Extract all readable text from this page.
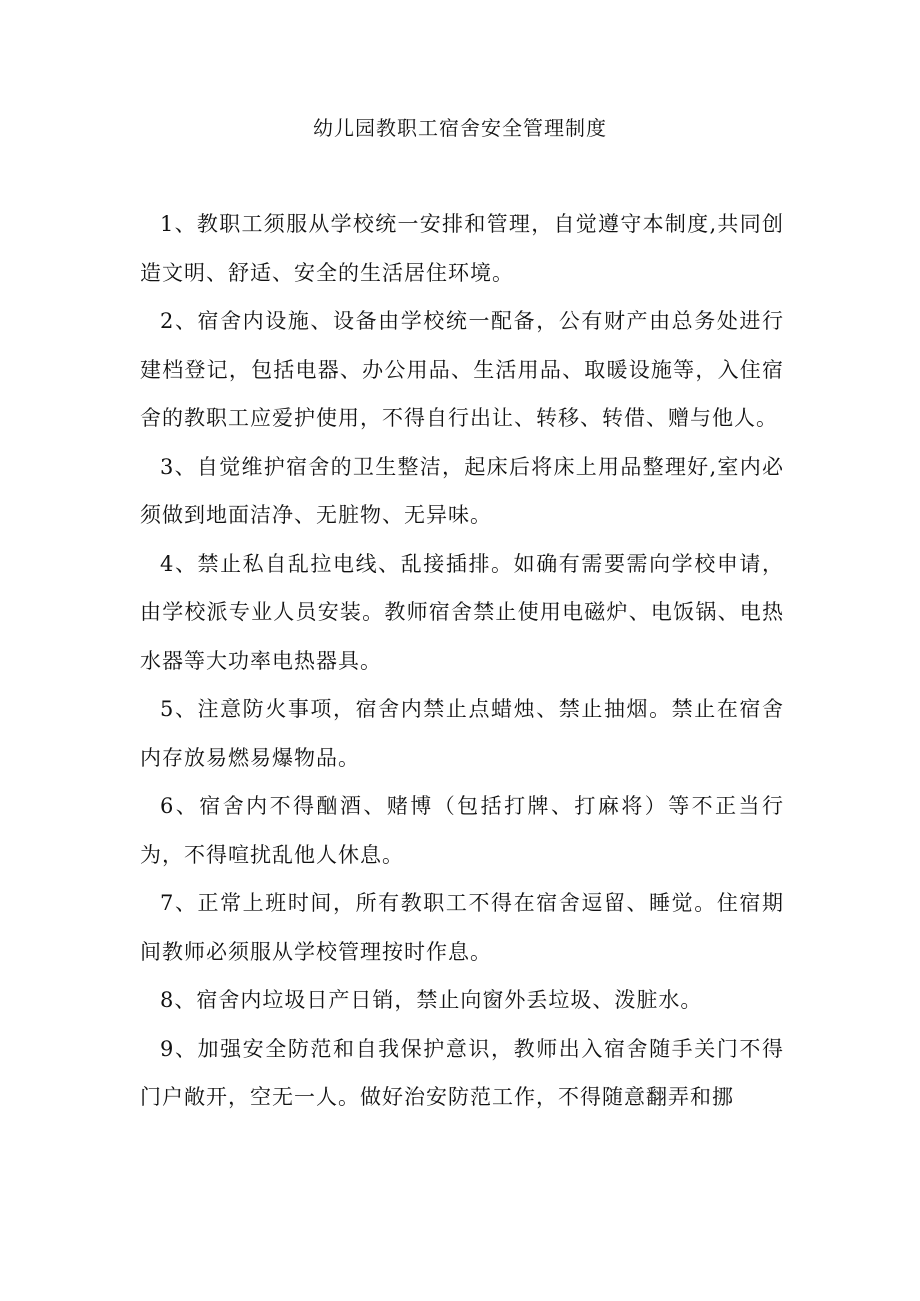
幼儿园教职工宿舍安全管理制度

1、教职工须服从学校统一安排和管理，自觉遵守本制度,共同创造文明、舒适、安全的生活居住环境。

2、宿舍内设施、设备由学校统一配备，公有财产由总务处进行建档登记，包括电器、办公用品、生活用品、取暖设施等，入住宿舍的教职工应爱护使用，不得自行出让、转移、转借、赠与他人。

3、自觉维护宿舍的卫生整洁，起床后将床上用品整理好,室内必须做到地面洁净、无脏物、无异味。

4、禁止私自乱拉电线、乱接插排。如确有需要需向学校申请，由学校派专业人员安装。教师宿舍禁止使用电磁炉、电饭锅、电热水器等大功率电热器具。

5、注意防火事项，宿舍内禁止点蜡烛、禁止抽烟。禁止在宿舍内存放易燃易爆物品。

6、宿舍内不得酗酒、赌博（包括打牌、打麻将）等不正当行为，不得喧扰乱他人休息。

7、正常上班时间，所有教职工不得在宿舍逗留、睡觉。住宿期间教师必须服从学校管理按时作息。

8、宿舍内垃圾日产日销，禁止向窗外丢垃圾、泼脏水。

9、加强安全防范和自我保护意识，教师出入宿舍随手关门不得门户敞开，空无一人。做好治安防范工作，不得随意翻弄和挪
